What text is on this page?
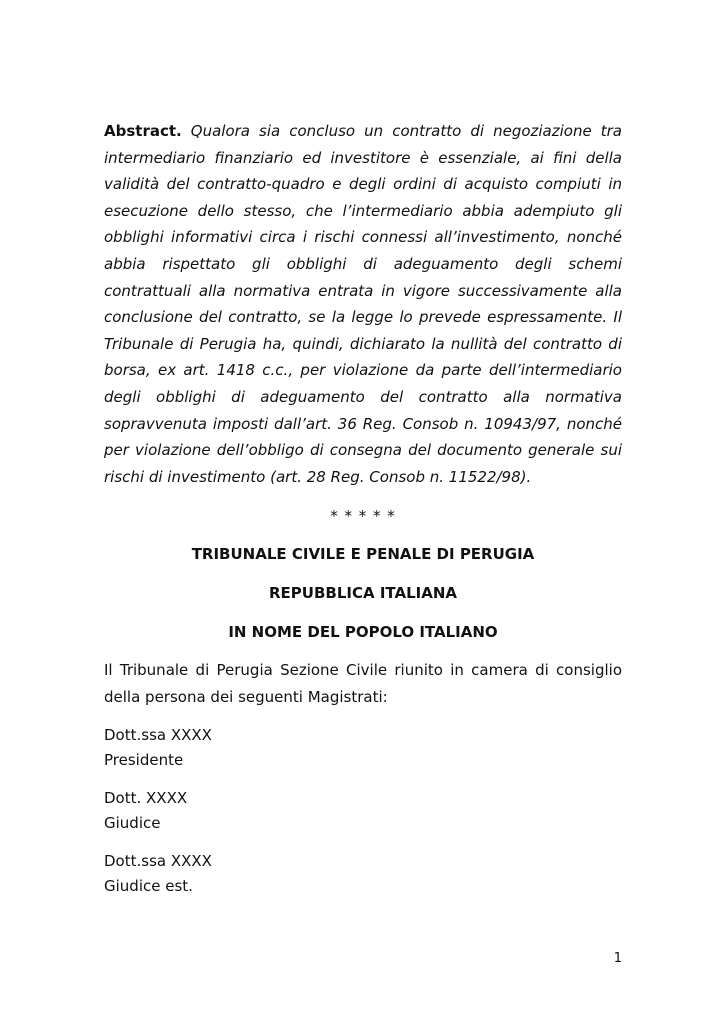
Abstract. Qualora sia concluso un contratto di negoziazione tra intermediario finanziario ed investitore è essenziale, ai fini della validità del contratto-quadro e degli ordini di acquisto compiuti in esecuzione dello stesso, che l’intermediario abbia adempiuto gli obblighi informativi circa i rischi connessi all’investimento, nonché abbia rispettato gli obblighi di adeguamento degli schemi contrattuali alla normativa entrata in vigore successivamente alla conclusione del contratto, se la legge lo prevede espressamente. Il Tribunale di Perugia ha, quindi, dichiarato la nullità del contratto di borsa, ex art. 1418 c.c., per violazione da parte dell’intermediario degli obblighi di adeguamento del contratto alla normativa sopravvenuta imposti dall’art. 36 Reg. Consob n. 10943/97, nonché per violazione dell’obbligo di consegna del documento generale sui rischi di investimento (art. 28 Reg. Consob n. 11522/98).

* * * * *

TRIBUNALE CIVILE E PENALE DI PERUGIA

REPUBBLICA ITALIANA

IN NOME DEL POPOLO ITALIANO

Il Tribunale di Perugia Sezione Civile riunito in camera di consiglio della persona dei seguenti Magistrati:

Dott.ssa XXXX
Presidente
Dott. XXXX
Giudice
Dott.ssa XXXX
Giudice est.
1
